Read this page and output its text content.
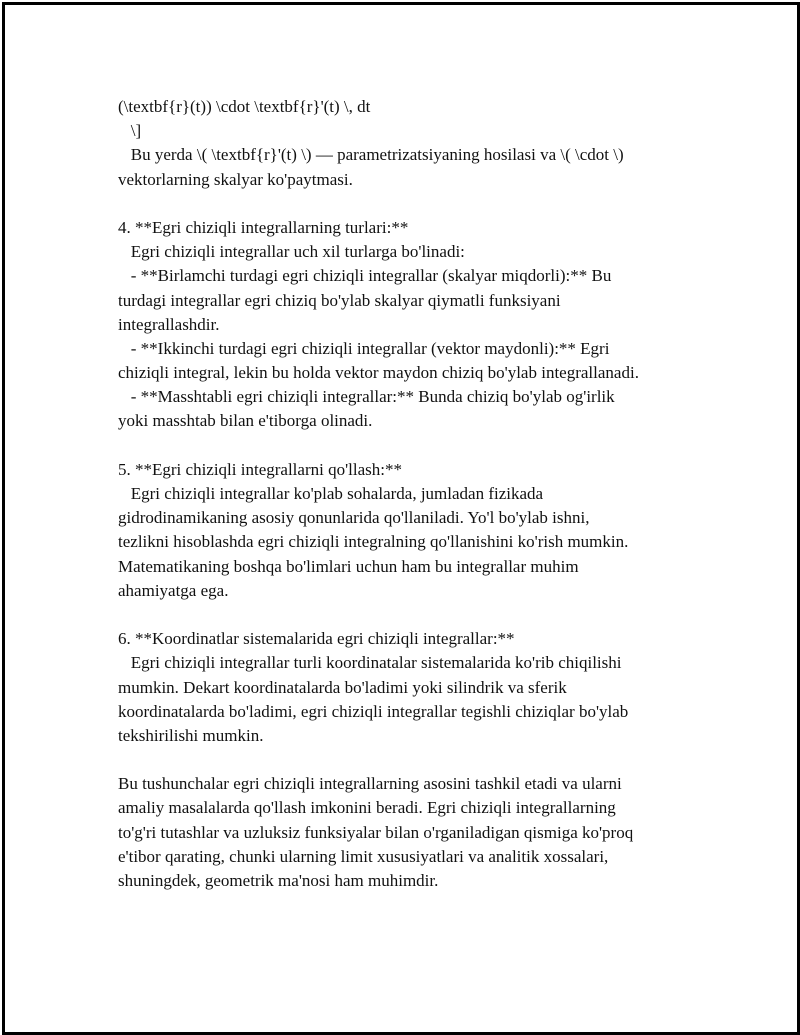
(\textbf{r}(t)) \cdot \textbf{r}'(t) \, dt
\]
Bu yerda \( \textbf{r}'(t) \) — parametrizatsiyaning hosilasi va \( \cdot \)
vektorlarning skalyar ko'paytmasi.
4. **Egri chiziqli integrallarning turlari:**
Egri chiziqli integrallar uch xil turlarga bo'linadi:
- **Birlamchi turdagi egri chiziqli integrallar (skalyar miqdorli):** Bu
turdagi integrallar egri chiziq bo'ylab skalyar qiymatli funksiyani
integrallashdir.
- **Ikkinchi turdagi egri chiziqli integrallar (vektor maydonli):** Egri
chiziqli integral, lekin bu holda vektor maydon chiziq bo'ylab integrallanadi.
- **Masshtabli egri chiziqli integrallar:** Bunda chiziq bo'ylab og'irlik
yoki masshtab bilan e'tiborga olinadi.
5. **Egri chiziqli integrallarni qo'llash:**
Egri chiziqli integrallar ko'plab sohalarda, jumladan fizikada
gidrodinamikaning asosiy qonunlarida qo'llaniladi. Yo'l bo'ylab ishni,
tezlikni hisoblashda egri chiziqli integralning qo'llanishini ko'rish mumkin.
Matematikaning boshqa bo'limlari uchun ham bu integrallar muhim
ahamiyatga ega.
6. **Koordinatlar sistemalarida egri chiziqli integrallar:**
Egri chiziqli integrallar turli koordinatalar sistemalarida ko'rib chiqilishi
mumkin. Dekart koordinatalarda bo'ladimi yoki silindrik va sferik
koordinatalarda bo'ladimi, egri chiziqli integrallar tegishli chiziqlar bo'ylab
tekshirilishi mumkin.
Bu tushunchalar egri chiziqli integrallarning asosini tashkil etadi va ularni
amaliy masalalarda qo'llash imkonini beradi. Egri chiziqli integrallarning
to'g'ri tutashlar va uzluksiz funksiyalar bilan o'rganiladigan qismiga ko'proq
e'tibor qarating, chunki ularning limit xususiyatlari va analitik xossalari,
shuningdek, geometrik ma'nosi ham muhimdir.
